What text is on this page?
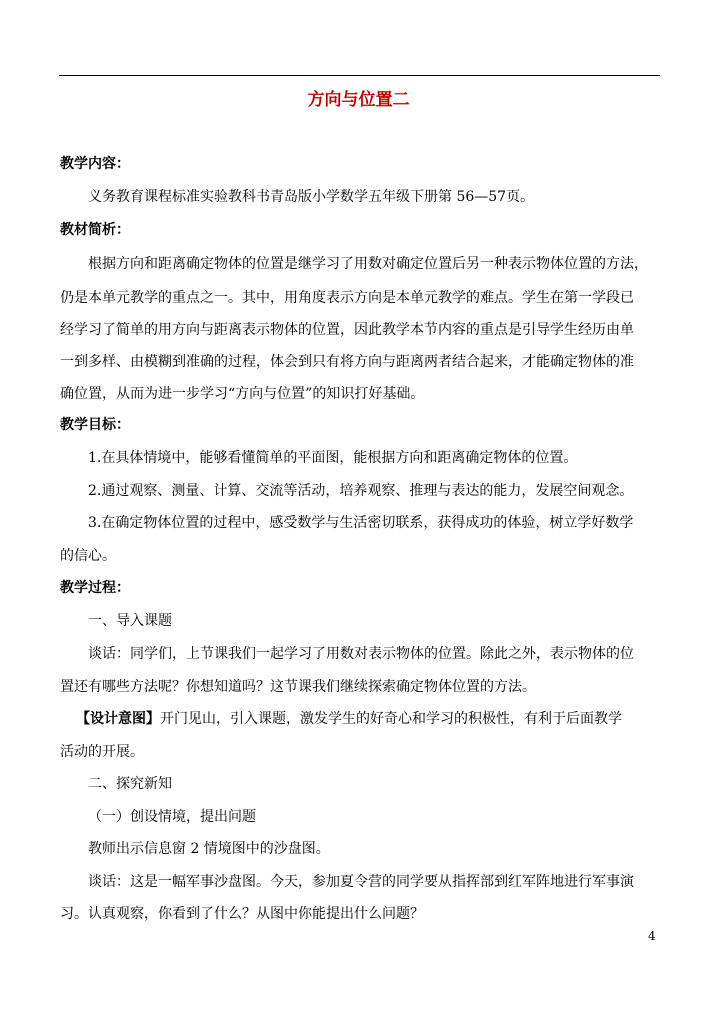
方向与位置二
教学内容：
义务教育课程标准实验教科书青岛版小学数学五年级下册第 56—57页。
教材简析：
根据方向和距离确定物体的位置是继学习了用数对确定位置后另一种表示物体位置的方法，
仍是本单元教学的重点之一。其中，用角度表示方向是本单元教学的难点。学生在第一学段已
经学习了简单的用方向与距离表示物体的位置，因此教学本节内容的重点是引导学生经历由单
一到多样、由模糊到准确的过程，体会到只有将方向与距离两者结合起来，才能确定物体的准
确位置，从而为进一步学习“方向与位置”的知识打好基础。
教学目标：
1.在具体情境中，能够看懂简单的平面图，能根据方向和距离确定物体的位置。
2.通过观察、测量、计算、交流等活动，培养观察、推理与表达的能力，发展空间观念。
3.在确定物体位置的过程中，感受数学与生活密切联系，获得成功的体验，树立学好数学
的信心。
教学过程：
一、导入课题
谈话：同学们，上节课我们一起学习了用数对表示物体的位置。除此之外，表示物体的位
置还有哪些方法呢？你想知道吗？这节课我们继续探索确定物体位置的方法。
【设计意图】开门见山，引入课题，激发学生的好奇心和学习的积极性，有利于后面教学
活动的开展。
二、探究新知
（一）创设情境，提出问题
教师出示信息窗 2 情境图中的沙盘图。
谈话：这是一幅军事沙盘图。今天，参加夏令营的同学要从指挥部到红军阵地进行军事演
习。认真观察，你看到了什么？从图中你能提出什么问题？
4
